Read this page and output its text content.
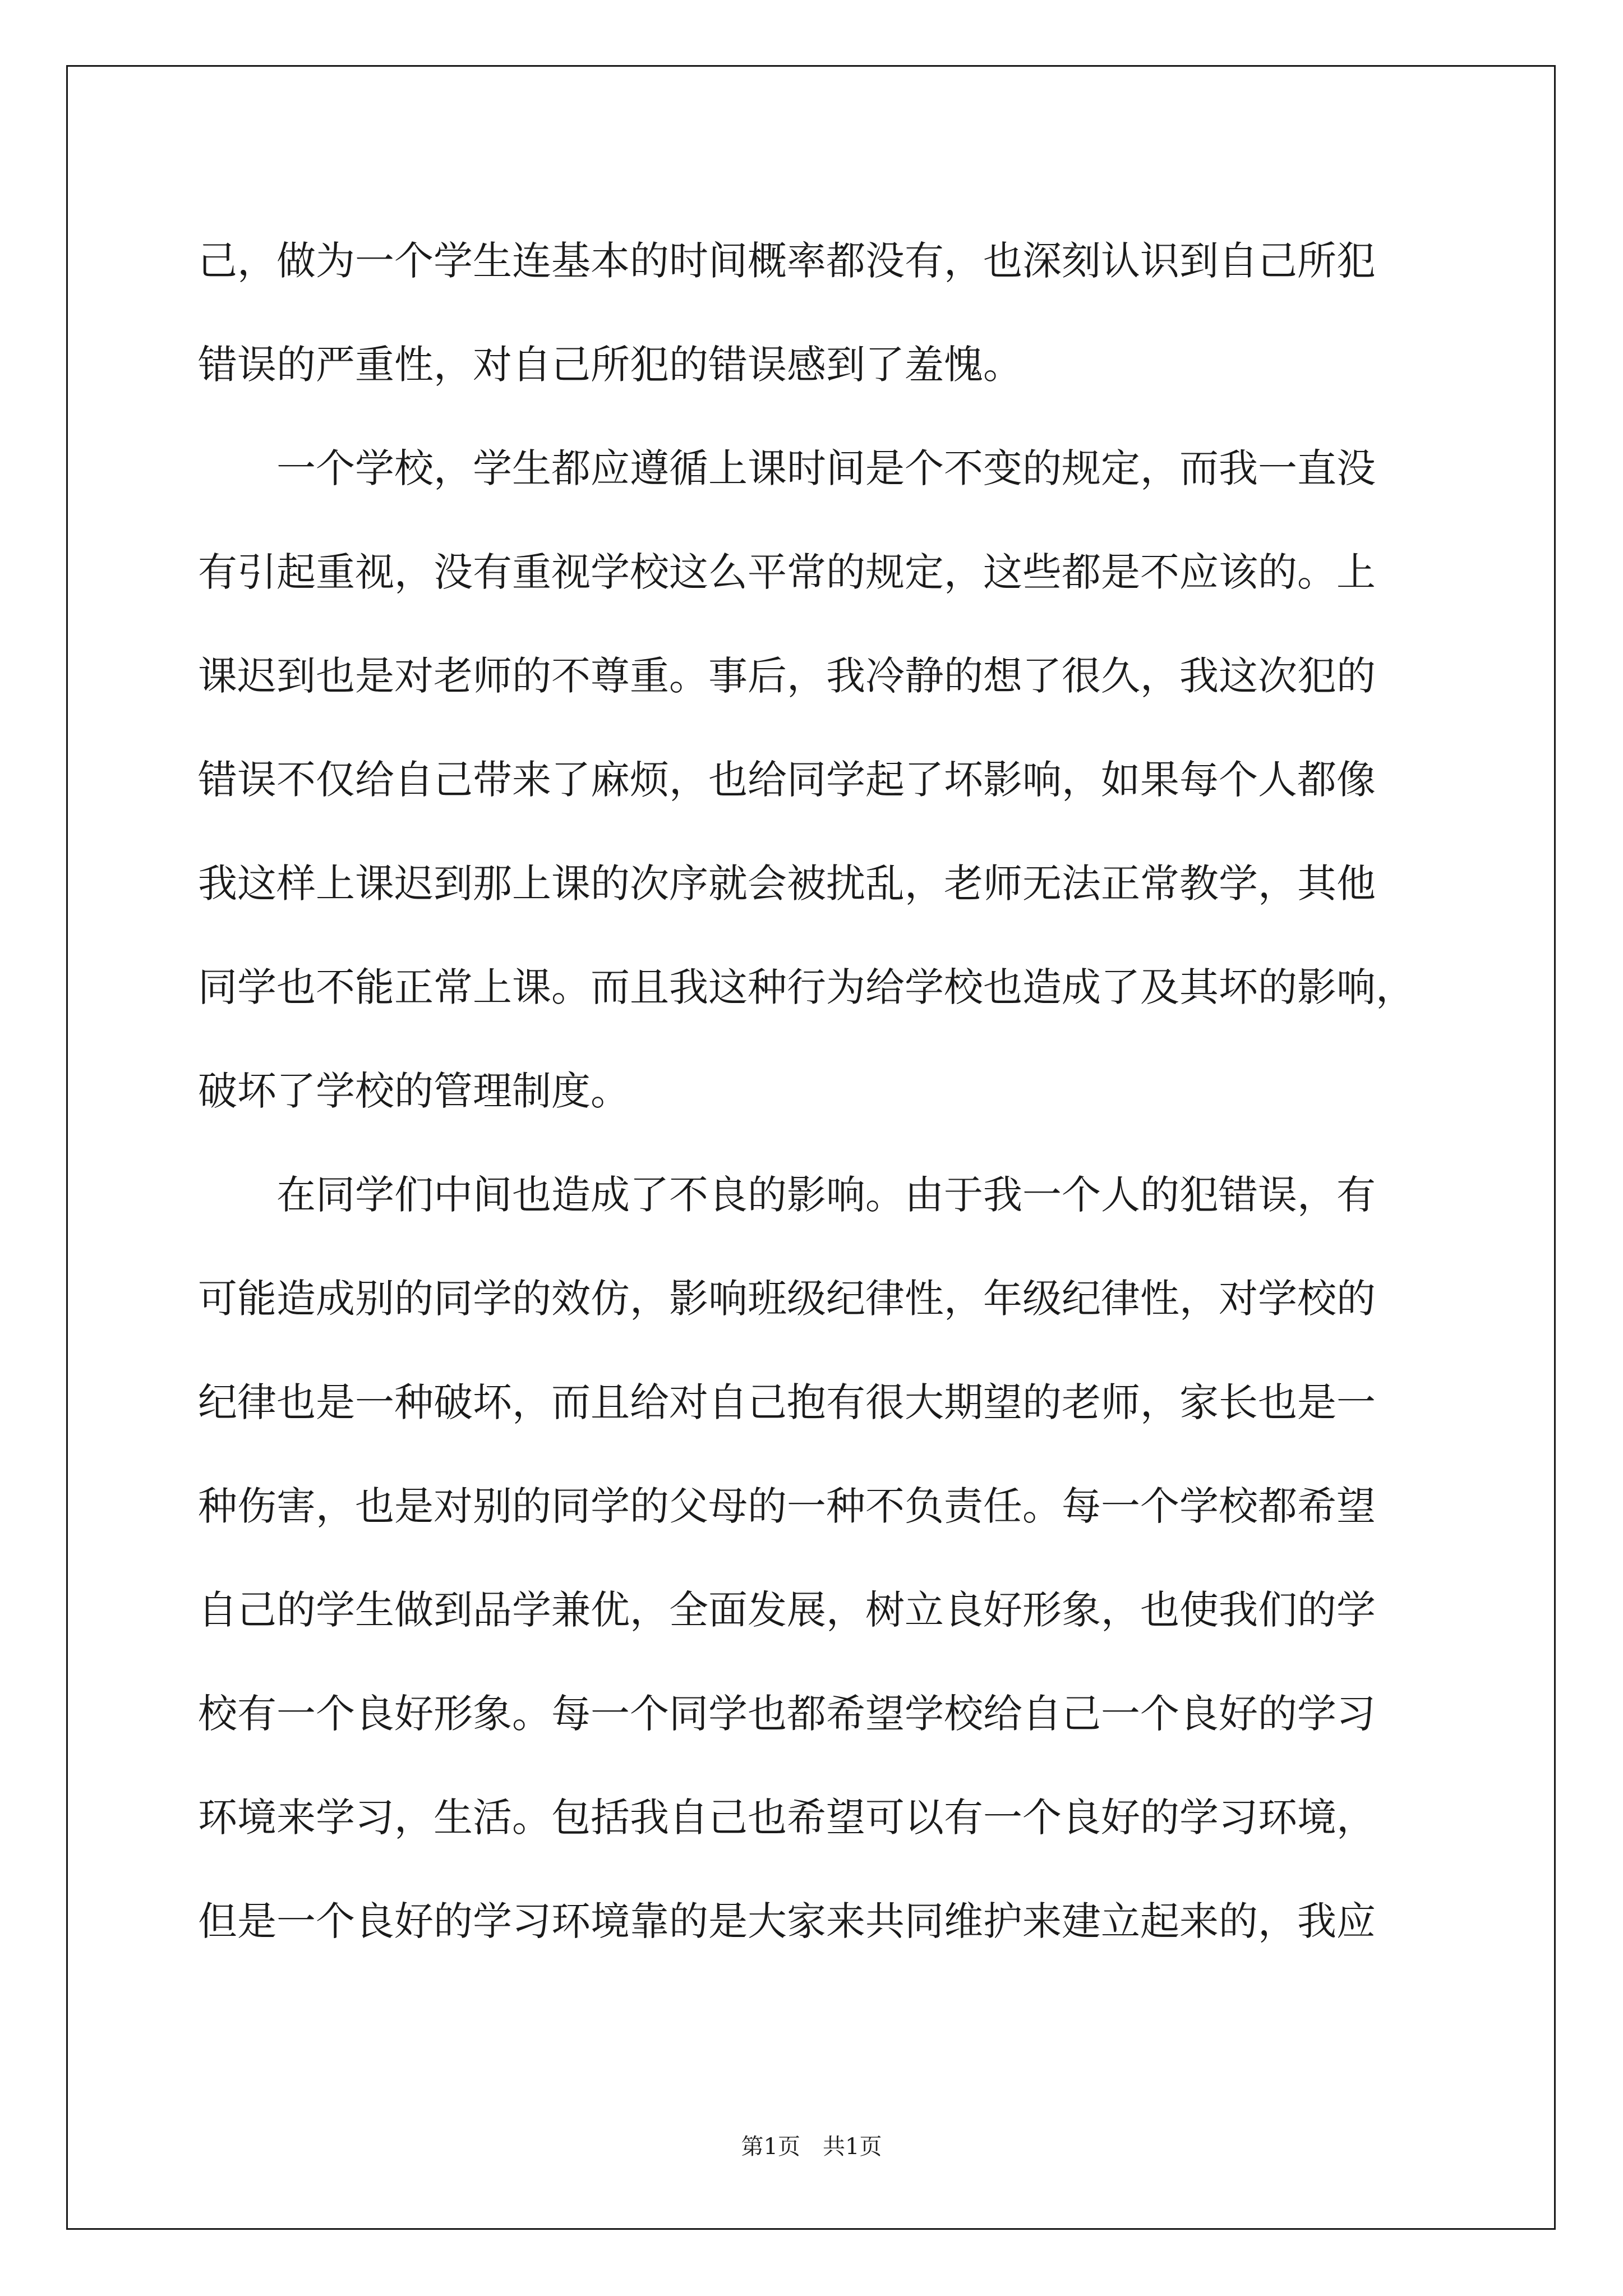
己，做为一个学生连基本的时间概率都没有，也深刻认识到自己所犯
错误的严重性，对自己所犯的错误感到了羞愧。
　　一个学校，学生都应遵循上课时间是个不变的规定，而我一直没
有引起重视，没有重视学校这么平常的规定，这些都是不应该的。上
课迟到也是对老师的不尊重。事后，我冷静的想了很久，我这次犯的
错误不仅给自己带来了麻烦，也给同学起了坏影响，如果每个人都像
我这样上课迟到那上课的次序就会被扰乱，老师无法正常教学，其他
同学也不能正常上课。而且我这种行为给学校也造成了及其坏的影响，
破坏了学校的管理制度。
　　在同学们中间也造成了不良的影响。由于我一个人的犯错误，有
可能造成别的同学的效仿，影响班级纪律性，年级纪律性，对学校的
纪律也是一种破坏，而且给对自己抱有很大期望的老师，家长也是一
种伤害，也是对别的同学的父母的一种不负责任。每一个学校都希望
自己的学生做到品学兼优，全面发展，树立良好形象，也使我们的学
校有一个良好形象。每一个同学也都希望学校给自己一个良好的学习
环境来学习，生活。包括我自己也希望可以有一个良好的学习环境，
但是一个良好的学习环境靠的是大家来共同维护来建立起来的，我应
第1页　共1页
